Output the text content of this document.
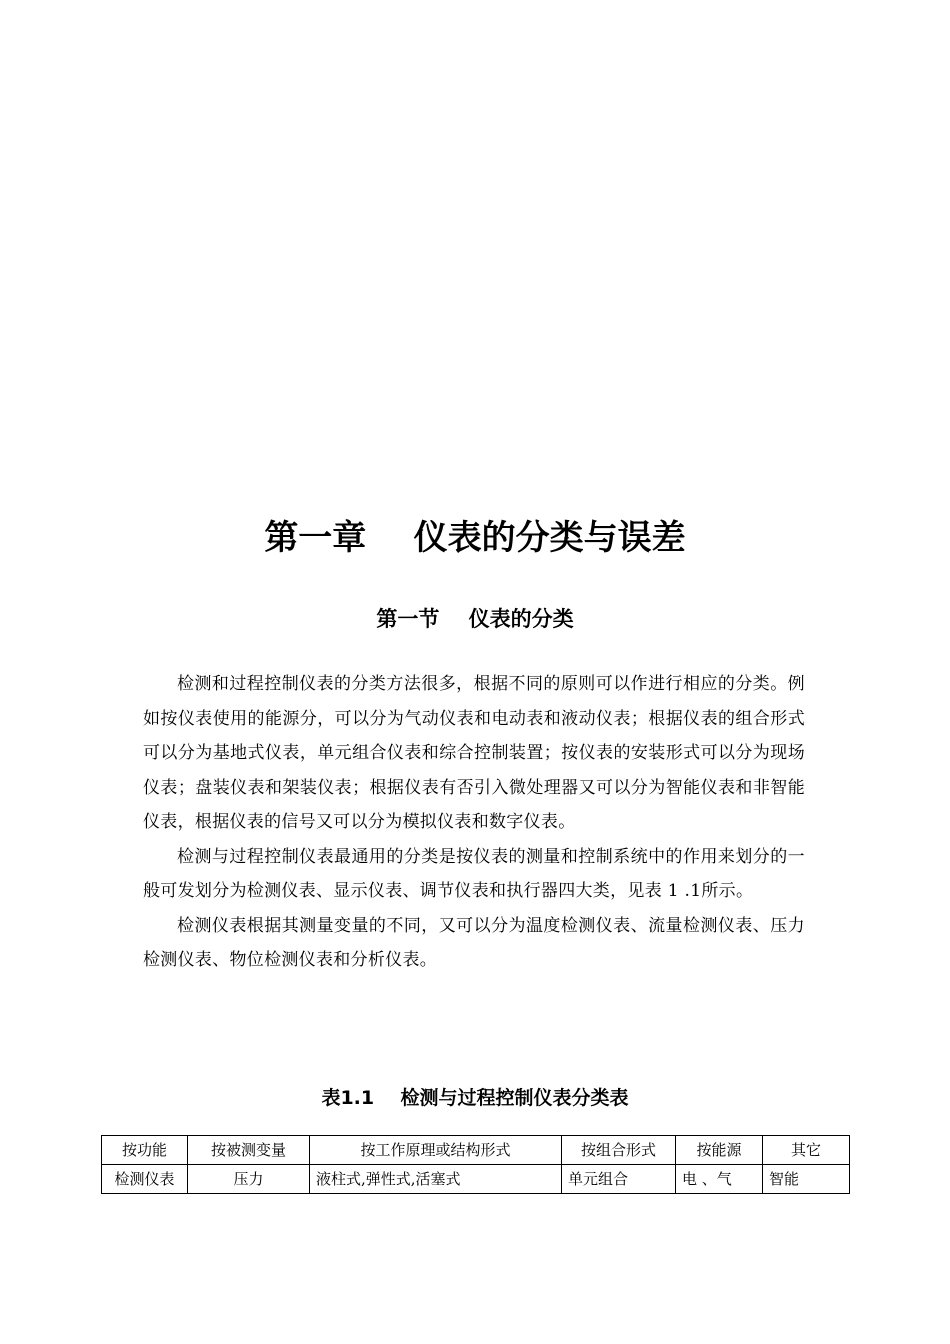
第一章    仪表的分类与误差
第一节    仪表的分类

检测和过程控制仪表的分类方法很多，根据不同的原则可以作进行相应的分类。例如按仪表使用的能源分，可以分为气动仪表和电动表和液动仪表；根据仪表的组合形式可以分为基地式仪表，单元组合仪表和综合控制装置；按仪表的安装形式可以分为现场仪表；盘装仪表和架装仪表；根据仪表有否引入微处理器又可以分为智能仪表和非智能仪表，根据仪表的信号又可以分为模拟仪表和数字仪表。

检测与过程控制仪表最通用的分类是按仪表的测量和控制系统中的作用来划分的一般可发划分为检测仪表、显示仪表、调节仪表和执行器四大类，见表 1 .1所示。

检测仪表根据其测量变量的不同，又可以分为温度检测仪表、流量检测仪表、压力检测仪表、物位检测仪表和分析仪表。

表1.1    检测与过程控制仪表分类表
按功能	按被测变量	按工作原理或结构形式	按组合形式	按能源	其它
检测仪表	压力	液柱式,弹性式,活塞式	单元组合	电 、气	智能
